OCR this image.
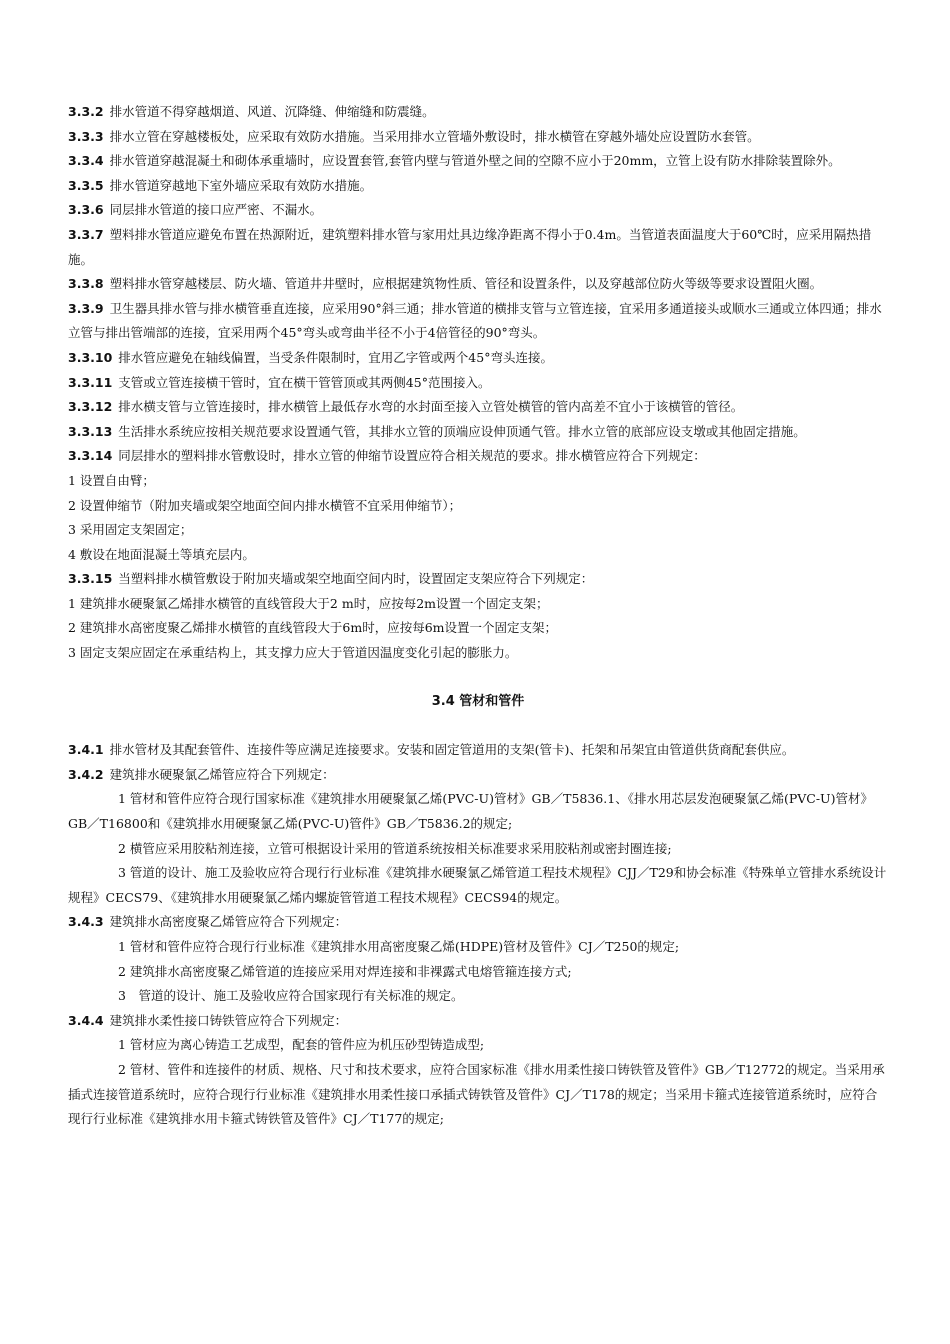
3.3.2 排水管道不得穿越烟道、风道、沉降缝、伸缩缝和防震缝。
3.3.3 排水立管在穿越楼板处，应采取有效防水措施。当采用排水立管墙外敷设时，排水横管在穿越外墙处应设置防水套管。
3.3.4 排水管道穿越混凝土和砌体承重墙时，应设置套管,套管内壁与管道外壁之间的空隙不应小于20mm，立管上设有防水排除装置除外。
3.3.5 排水管道穿越地下室外墙应采取有效防水措施。
3.3.6 同层排水管道的接口应严密、不漏水。
3.3.7 塑料排水管道应避免布置在热源附近，建筑塑料排水管与家用灶具边缘净距离不得小于0.4m。当管道表面温度大于60℃时，应采用隔热措施。
3.3.8 塑料排水管穿越楼层、防火墙、管道井井壁时，应根据建筑物性质、管径和设置条件，以及穿越部位防火等级等要求设置阻火圈。
3.3.9 卫生器具排水管与排水横管垂直连接，应采用90°斜三通；排水管道的横排支管与立管连接，宜采用多通道接头或顺水三通或立体四通；排水立管与排出管端部的连接，宜采用两个45°弯头或弯曲半径不小于4倍管径的90°弯头。
3.3.10 排水管应避免在轴线偏置，当受条件限制时，宜用乙字管或两个45°弯头连接。
3.3.11 支管或立管连接横干管时，宜在横干管管顶或其两侧45°范围接入。
3.3.12 排水横支管与立管连接时，排水横管上最低存水弯的水封面至接入立管处横管的管内高差不宜小于该横管的管径。
3.3.13 生活排水系统应按相关规范要求设置通气管，其排水立管的顶端应设伸顶通气管。排水立管的底部应设支墩或其他固定措施。
3.3.14 同层排水的塑料排水管敷设时，排水立管的伸缩节设置应符合相关规范的要求。排水横管应符合下列规定：
1 设置自由臂；
2 设置伸缩节（附加夹墙或架空地面空间内排水横管不宜采用伸缩节）；
3 采用固定支架固定；
4 敷设在地面混凝土等填充层内。
3.3.15 当塑料排水横管敷设于附加夹墙或架空地面空间内时，设置固定支架应符合下列规定：
1 建筑排水硬聚氯乙烯排水横管的直线管段大于2 m时，应按每2m设置一个固定支架；
2 建筑排水高密度聚乙烯排水横管的直线管段大于6m时，应按每6m设置一个固定支架；
3 固定支架应固定在承重结构上，其支撑力应大于管道因温度变化引起的膨胀力。
3.4 管材和管件
3.4.1 排水管材及其配套管件、连接件等应满足连接要求。安装和固定管道用的支架(管卡)、托架和吊架宜由管道供货商配套供应。
3.4.2 建筑排水硬聚氯乙烯管应符合下列规定：
1 管材和管件应符合现行国家标准《建筑排水用硬聚氯乙烯(PVC-U)管材》GB／T5836.1、《排水用芯层发泡硬聚氯乙烯(PVC-U)管材》GB／T16800和《建筑排水用硬聚氯乙烯(PVC-U)管件》GB／T5836.2的规定;
2 横管应采用胶粘剂连接，立管可根据设计采用的管道系统按相关标准要求采用胶粘剂或密封圈连接;
3 管道的设计、施工及验收应符合现行行业标准《建筑排水硬聚氯乙烯管道工程技术规程》CJJ／T29和协会标准《特殊单立管排水系统设计规程》CECS79、《建筑排水用硬聚氯乙烯内螺旋管管道工程技术规程》CECS94的规定。
3.4.3 建筑排水高密度聚乙烯管应符合下列规定：
1 管材和管件应符合现行行业标准《建筑排水用高密度聚乙烯(HDPE)管材及管件》CJ／T250的规定;
2 建筑排水高密度聚乙烯管道的连接应采用对焊连接和非裸露式电熔管箍连接方式;
3　管道的设计、施工及验收应符合国家现行有关标准的规定。
3.4.4 建筑排水柔性接口铸铁管应符合下列规定：
1 管材应为离心铸造工艺成型，配套的管件应为机压砂型铸造成型;
2 管材、管件和连接件的材质、规格、尺寸和技术要求，应符合国家标准《排水用柔性接口铸铁管及管件》GB／T12772的规定。当采用承插式连接管道系统时，应符合现行行业标准《建筑排水用柔性接口承插式铸铁管及管件》CJ／T178的规定；当采用卡箍式连接管道系统时，应符合现行行业标准《建筑排水用卡箍式铸铁管及管件》CJ／T177的规定;
